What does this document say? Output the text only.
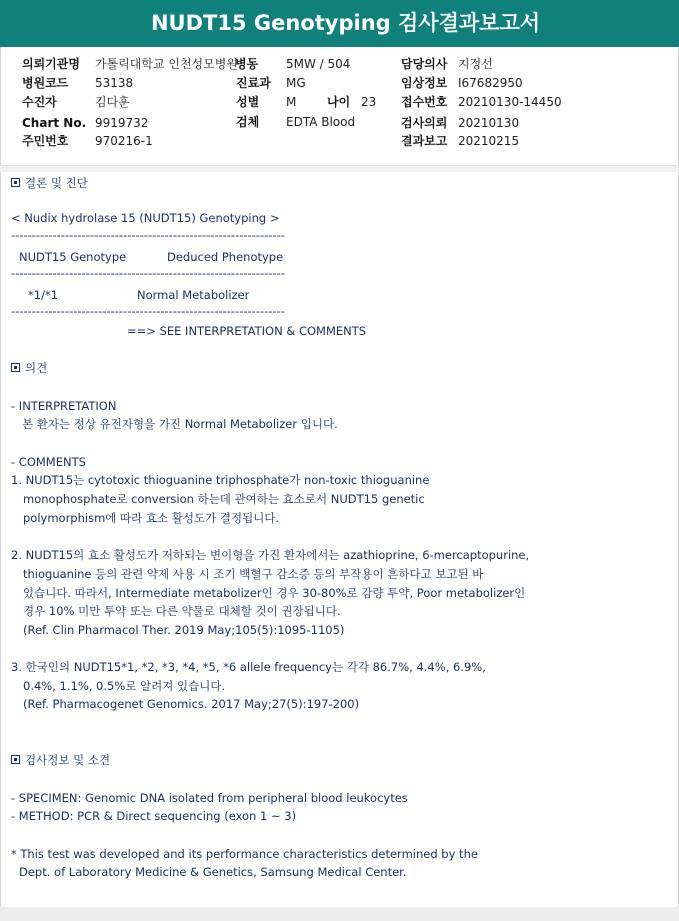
NUDT15 Genotyping 검사결과보고서
의뢰기관명 가톨릭대학교 인천성모병원
병원코드 53138
수진자	김다훈
Chart No. 9919732
주민번호 970216-1
병동 5MW / 504
진료과 MG
성별 M	나이 23
검체 EDTA Blood
담당의사 지정선
임상정보 I67682950
접수번호 20210130-14450
검사의뢰 20210130
결과보고 20210215
결론 및 진단
< Nudix hydrolase 15 (NUDT15) Genotyping >
------------------------------------------------------------------
NUDT15 Genotype	Deduced Phenotype
------------------------------------------------------------------
*1/*1	Normal Metabolizer
------------------------------------------------------------------
==> SEE INTERPRETATION & COMMENTS
의견
- INTERPRETATION
본 환자는 정상 유전자형을 가진 Normal Metabolizer 입니다.
- COMMENTS
1. NUDT15는 cytotoxic thioguanine triphosphate가 non-toxic thioguanine
monophosphate로 conversion 하는데 관여하는 효소로서 NUDT15 genetic
polymorphism에 따라 효소 활성도가 결정됩니다.
2. NUDT15의 효소 활성도가 저하되는 변이형을 가진 환자에서는 azathioprine, 6-mercaptopurine,
thioguanine 등의 관련 약제 사용 시 조기 백혈구 감소증 등의 부작용이 흔하다고 보고된 바
있습니다. 따라서, Intermediate metabolizer인 경우 30-80%로 감량 투약, Poor metabolizer인
경우 10% 미만 투약 또는 다른 약물로 대체할 것이 권장됩니다.
(Ref. Clin Pharmacol Ther. 2019 May;105(5):1095-1105)
3. 한국인의 NUDT15*1, *2, *3, *4, *5, *6 allele frequency는 각각 86.7%, 4.4%, 6.9%,
0.4%, 1.1%, 0.5%로 알려져 있습니다.
(Ref. Pharmacogenet Genomics. 2017 May;27(5):197-200)
검사정보 및 소견
- SPECIMEN: Genomic DNA isolated from peripheral blood leukocytes
- METHOD: PCR & Direct sequencing (exon 1 ~ 3)
* This test was developed and its performance characteristics determined by the
Dept. of Laboratory Medicine & Genetics, Samsung Medical Center.
